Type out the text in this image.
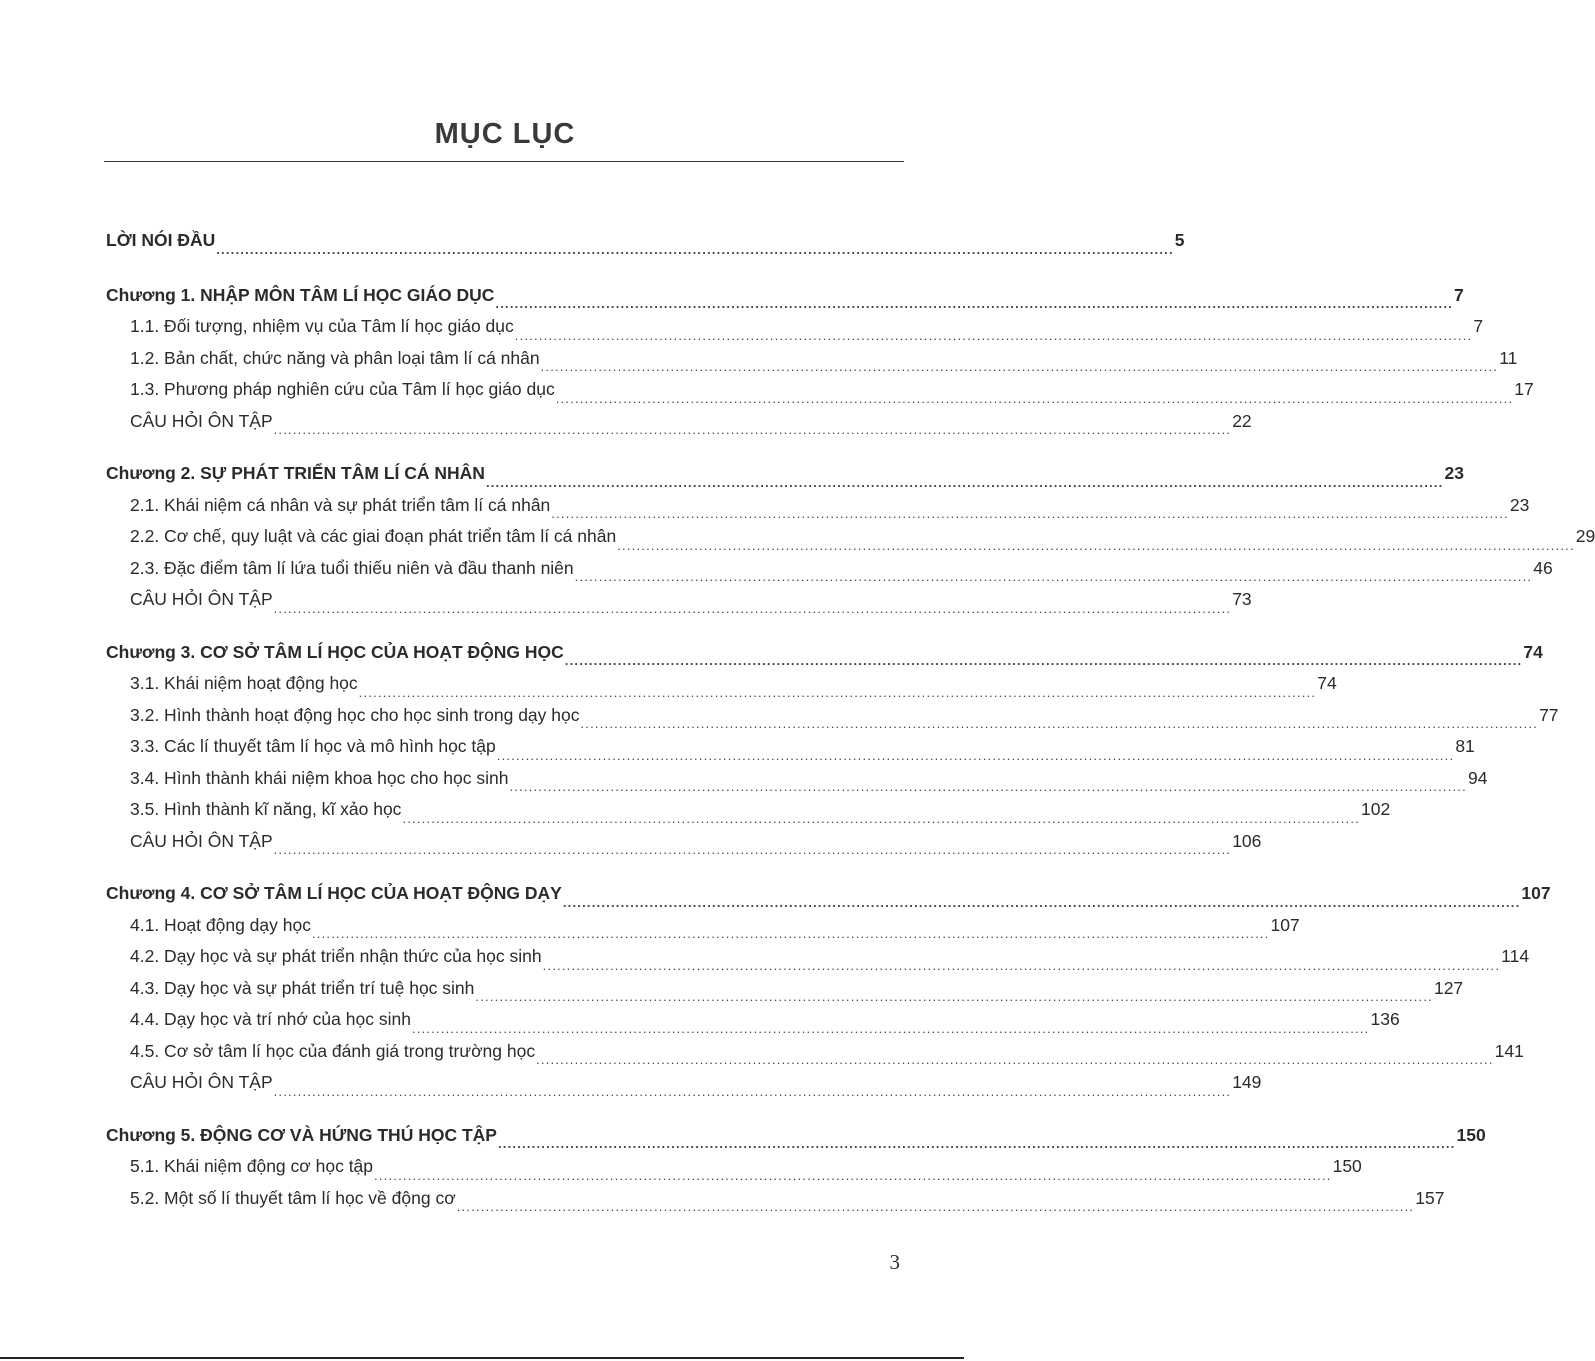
MỤC LỤC
LỜI NÓI ĐẦU ....................................................................................................................................................................................................... 5
Chương 1. NHẬP MÔN TÂM LÍ HỌC GIÁO DỤC ....................................................................................................................................................................................................... 7
1.1. Đối tượng, nhiệm vụ của Tâm lí học giáo dục ....................................................................................................................................................................................................... 7
1.2. Bản chất, chức năng và phân loại tâm lí cá nhân ....................................................................................................................................................................................................... 11
1.3. Phương pháp nghiên cứu của Tâm lí học giáo dục ....................................................................................................................................................................................................... 17
CÂU HỎI ÔN TẬP ....................................................................................................................................................................................................... 22
Chương 2. SỰ PHÁT TRIỂN TÂM LÍ CÁ NHÂN ....................................................................................................................................................................................................... 23
2.1. Khái niệm cá nhân và sự phát triển tâm lí cá nhân ....................................................................................................................................................................................................... 23
2.2. Cơ chế, quy luật và các giai đoạn phát triển tâm lí cá nhân ....................................................................................................................................................................................................... 29
2.3. Đặc điểm tâm lí lứa tuổi thiếu niên và đầu thanh niên ....................................................................................................................................................................................................... 46
CÂU HỎI ÔN TẬP ....................................................................................................................................................................................................... 73
Chương 3. CƠ SỞ TÂM LÍ HỌC CỦA HOẠT ĐỘNG HỌC ....................................................................................................................................................................................................... 74
3.1. Khái niệm hoạt động học ....................................................................................................................................................................................................... 74
3.2. Hình thành hoạt động học cho học sinh trong dạy học ....................................................................................................................................................................................................... 77
3.3. Các lí thuyết tâm lí học và mô hình học tập ....................................................................................................................................................................................................... 81
3.4. Hình thành khái niệm khoa học cho học sinh ....................................................................................................................................................................................................... 94
3.5. Hình thành kĩ năng, kĩ xảo học ....................................................................................................................................................................................................... 102
CÂU HỎI ÔN TẬP ....................................................................................................................................................................................................... 106
Chương 4. CƠ SỞ TÂM LÍ HỌC CỦA HOẠT ĐỘNG DẠY ....................................................................................................................................................................................................... 107
4.1. Hoạt động dạy học ....................................................................................................................................................................................................... 107
4.2. Dạy học và sự phát triển nhận thức của học sinh ....................................................................................................................................................................................................... 114
4.3. Dạy học và sự phát triển trí tuệ học sinh ....................................................................................................................................................................................................... 127
4.4. Dạy học và trí nhớ của học sinh ....................................................................................................................................................................................................... 136
4.5. Cơ sở tâm lí học của đánh giá trong trường học ....................................................................................................................................................................................................... 141
CÂU HỎI ÔN TẬP ....................................................................................................................................................................................................... 149
Chương 5. ĐỘNG CƠ VÀ HỨNG THÚ HỌC TẬP ....................................................................................................................................................................................................... 150
5.1. Khái niệm động cơ học tập ....................................................................................................................................................................................................... 150
5.2. Một số lí thuyết tâm lí học về động cơ ....................................................................................................................................................................................................... 157
3
